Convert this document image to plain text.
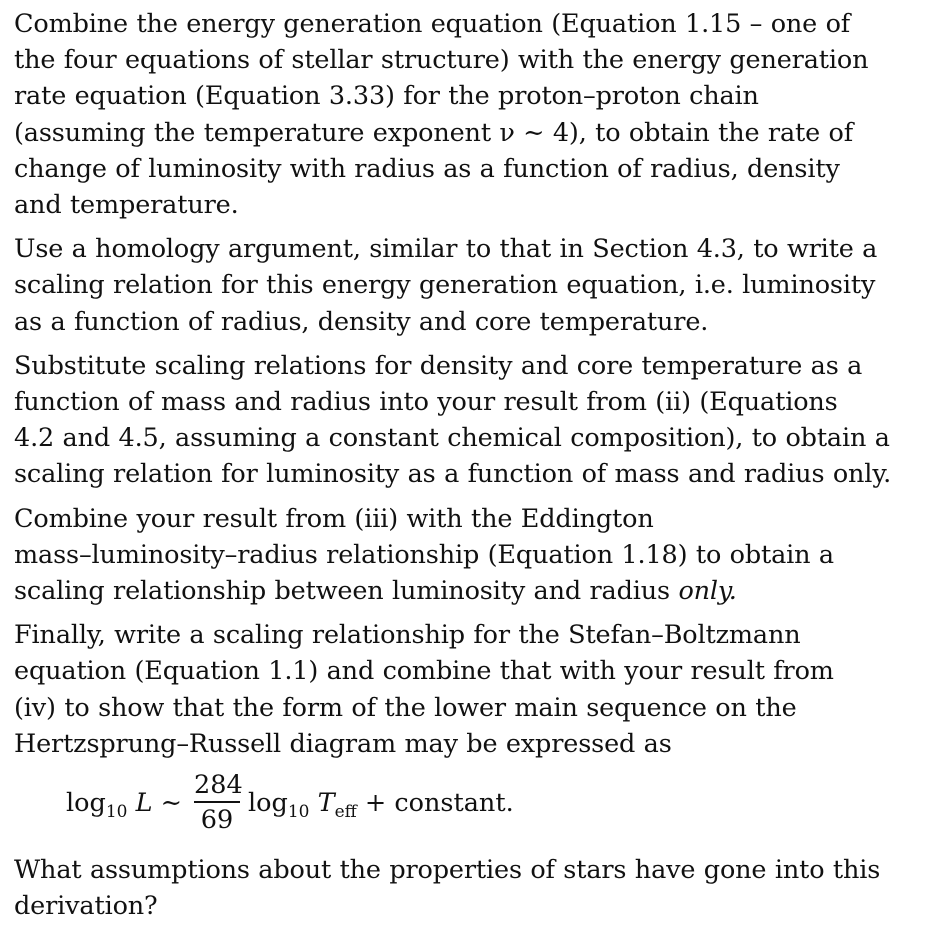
Combine the energy generation equation (Equation 1.15 – one of
the four equations of stellar structure) with the energy generation
rate equation (Equation 3.33) for the proton–proton chain
(assuming the temperature exponent ν ∼ 4), to obtain the rate of
change of luminosity with radius as a function of radius, density
and temperature.

Use a homology argument, similar to that in Section 4.3, to write a
scaling relation for this energy generation equation, i.e. luminosity
as a function of radius, density and core temperature.

Substitute scaling relations for density and core temperature as a
function of mass and radius into your result from (ii) (Equations
4.2 and 4.5, assuming a constant chemical composition), to obtain a
scaling relation for luminosity as a function of mass and radius only.

Combine your result from (iii) with the Eddington
mass–luminosity–radius relationship (Equation 1.18) to obtain a
scaling relationship between luminosity and radius only.

Finally, write a scaling relationship for the Stefan–Boltzmann
equation (Equation 1.1) and combine that with your result from
(iv) to show that the form of the lower main sequence on the
Hertzsprung–Russell diagram may be expressed as

$\log_{10} L$ ∼
284
69
$\log_{10} T_{eff}$ + constant.

What assumptions about the properties of stars have gone into this
derivation?
